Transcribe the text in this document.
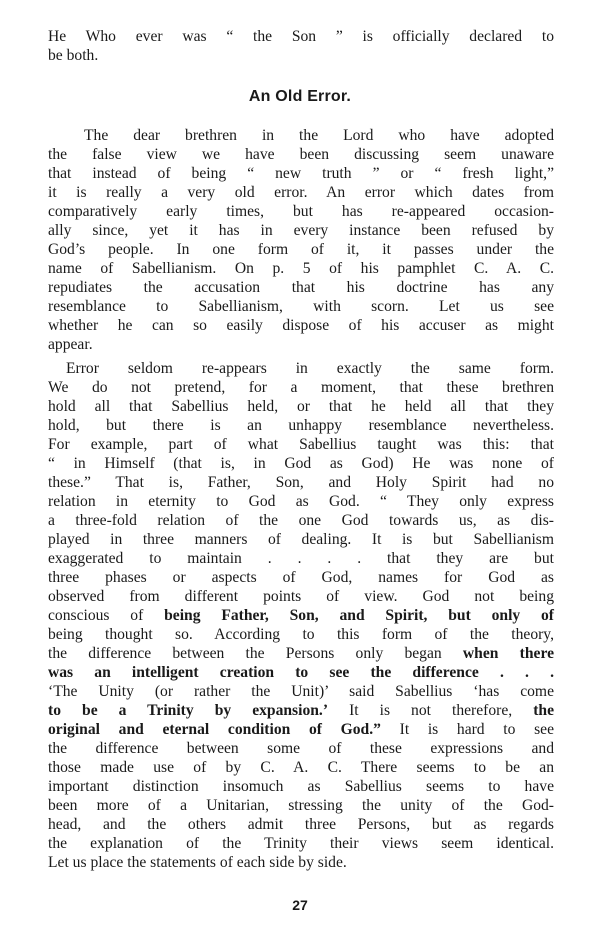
He Who ever was “ the Son ” is officially declared to
be both.
An Old Error.
The dear brethren in the Lord who have adopted
the false view we have been discussing seem unaware
that instead of being “ new truth ” or “ fresh light,”
it is really a very old error. An error which dates from
comparatively early times, but has re-appeared occasion-
ally since, yet it has in every instance been refused by
God’s people. In one form of it, it passes under the
name of Sabellianism. On p. 5 of his pamphlet C. A. C.
repudiates the accusation that his doctrine has any
resemblance to Sabellianism, with scorn. Let us see
whether he can so easily dispose of his accuser as might
appear.
Error seldom re-appears in exactly the same form.
We do not pretend, for a moment, that these brethren
hold all that Sabellius held, or that he held all that they
hold, but there is an unhappy resemblance nevertheless.
For example, part of what Sabellius taught was this: that
“ in Himself (that is, in God as God) He was none of
these.” That is, Father, Son, and Holy Spirit had no
relation in eternity to God as God. “ They only express
a three-fold relation of the one God towards us, as dis-
played in three manners of dealing. It is but Sabellianism
exaggerated to maintain . . . . that they are but
three phases or aspects of God, names for God as
observed from different points of view. God not being
conscious of being Father, Son, and Spirit, but only of
being thought so. According to this form of the theory,
the difference between the Persons only began when there
was an intelligent creation to see the difference . . .
‘The Unity (or rather the Unit)’ said Sabellius ‘has come
to be a Trinity by expansion.’ It is not therefore, the
original and eternal condition of God.” It is hard to see
the difference between some of these expressions and
those made use of by C. A. C. There seems to be an
important distinction insomuch as Sabellius seems to have
been more of a Unitarian, stressing the unity of the God-
head, and the others admit three Persons, but as regards
the explanation of the Trinity their views seem identical.
Let us place the statements of each side by side.
27
